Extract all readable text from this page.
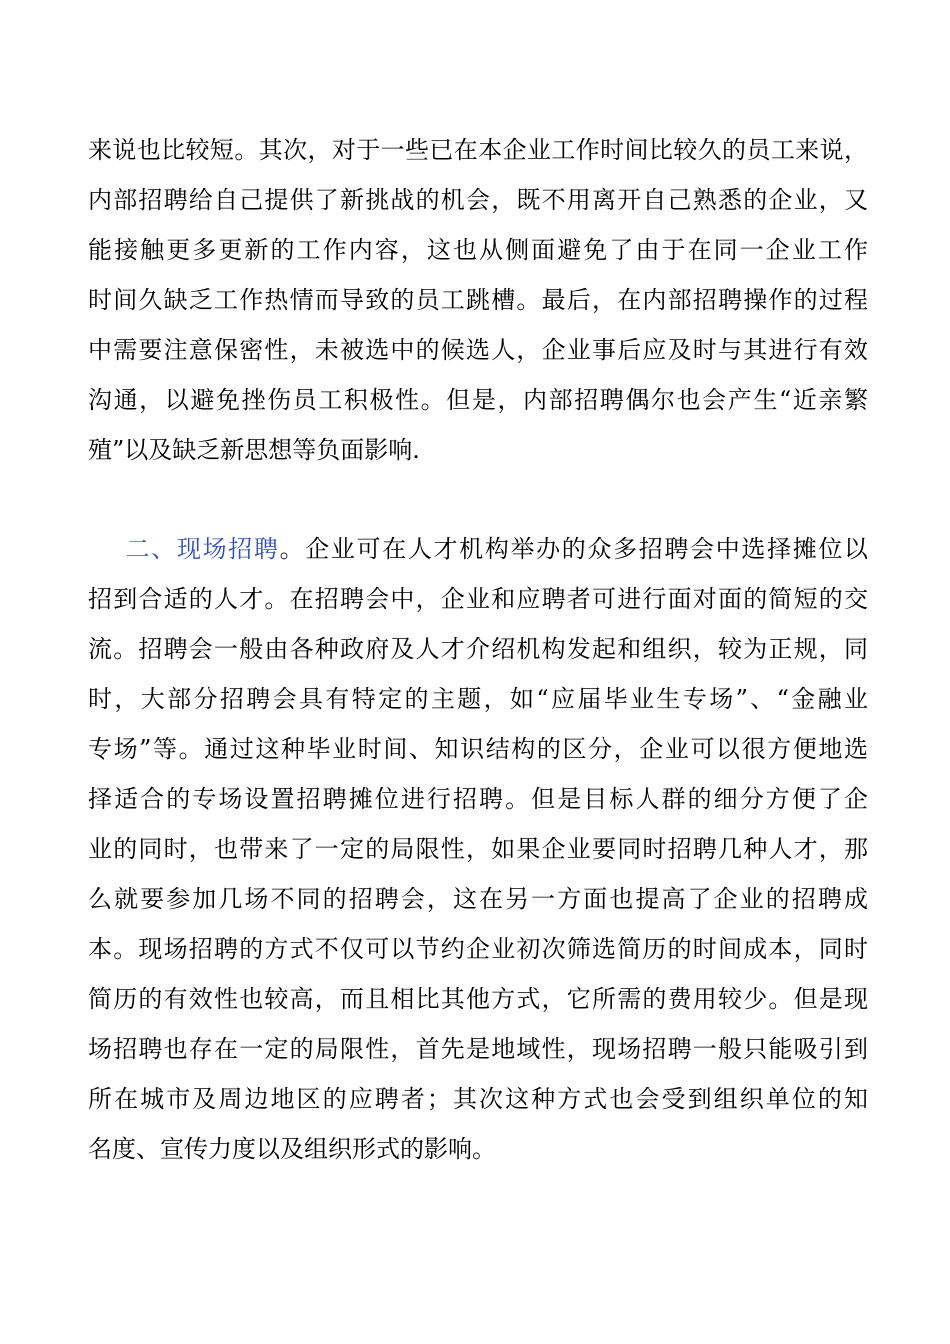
来说也比较短。其次，对于一些已在本企业工作时间比较久的员工来说，
内部招聘给自己提供了新挑战的机会，既不用离开自己熟悉的企业，又
能接触更多更新的工作内容，这也从侧面避免了由于在同一企业工作
时间久缺乏工作热情而导致的员工跳槽。最后，在内部招聘操作的过程
中需要注意保密性，未被选中的候选人，企业事后应及时与其进行有效
沟通，以避免挫伤员工积极性。但是，内部招聘偶尔也会产生“近亲繁
殖”以及缺乏新思想等负面影响.
  二、现场招聘。企业可在人才机构举办的众多招聘会中选择摊位以
招到合适的人才。在招聘会中，企业和应聘者可进行面对面的简短的交
流。招聘会一般由各种政府及人才介绍机构发起和组织，较为正规，同
时，大部分招聘会具有特定的主题，如“应届毕业生专场”、“金融业
专场”等。通过这种毕业时间、知识结构的区分，企业可以很方便地选
择适合的专场设置招聘摊位进行招聘。但是目标人群的细分方便了企
业的同时，也带来了一定的局限性，如果企业要同时招聘几种人才，那
么就要参加几场不同的招聘会，这在另一方面也提高了企业的招聘成
本。现场招聘的方式不仅可以节约企业初次筛选简历的时间成本，同时
简历的有效性也较高，而且相比其他方式，它所需的费用较少。但是现
场招聘也存在一定的局限性，首先是地域性，现场招聘一般只能吸引到
所在城市及周边地区的应聘者；其次这种方式也会受到组织单位的知
名度、宣传力度以及组织形式的影响。
